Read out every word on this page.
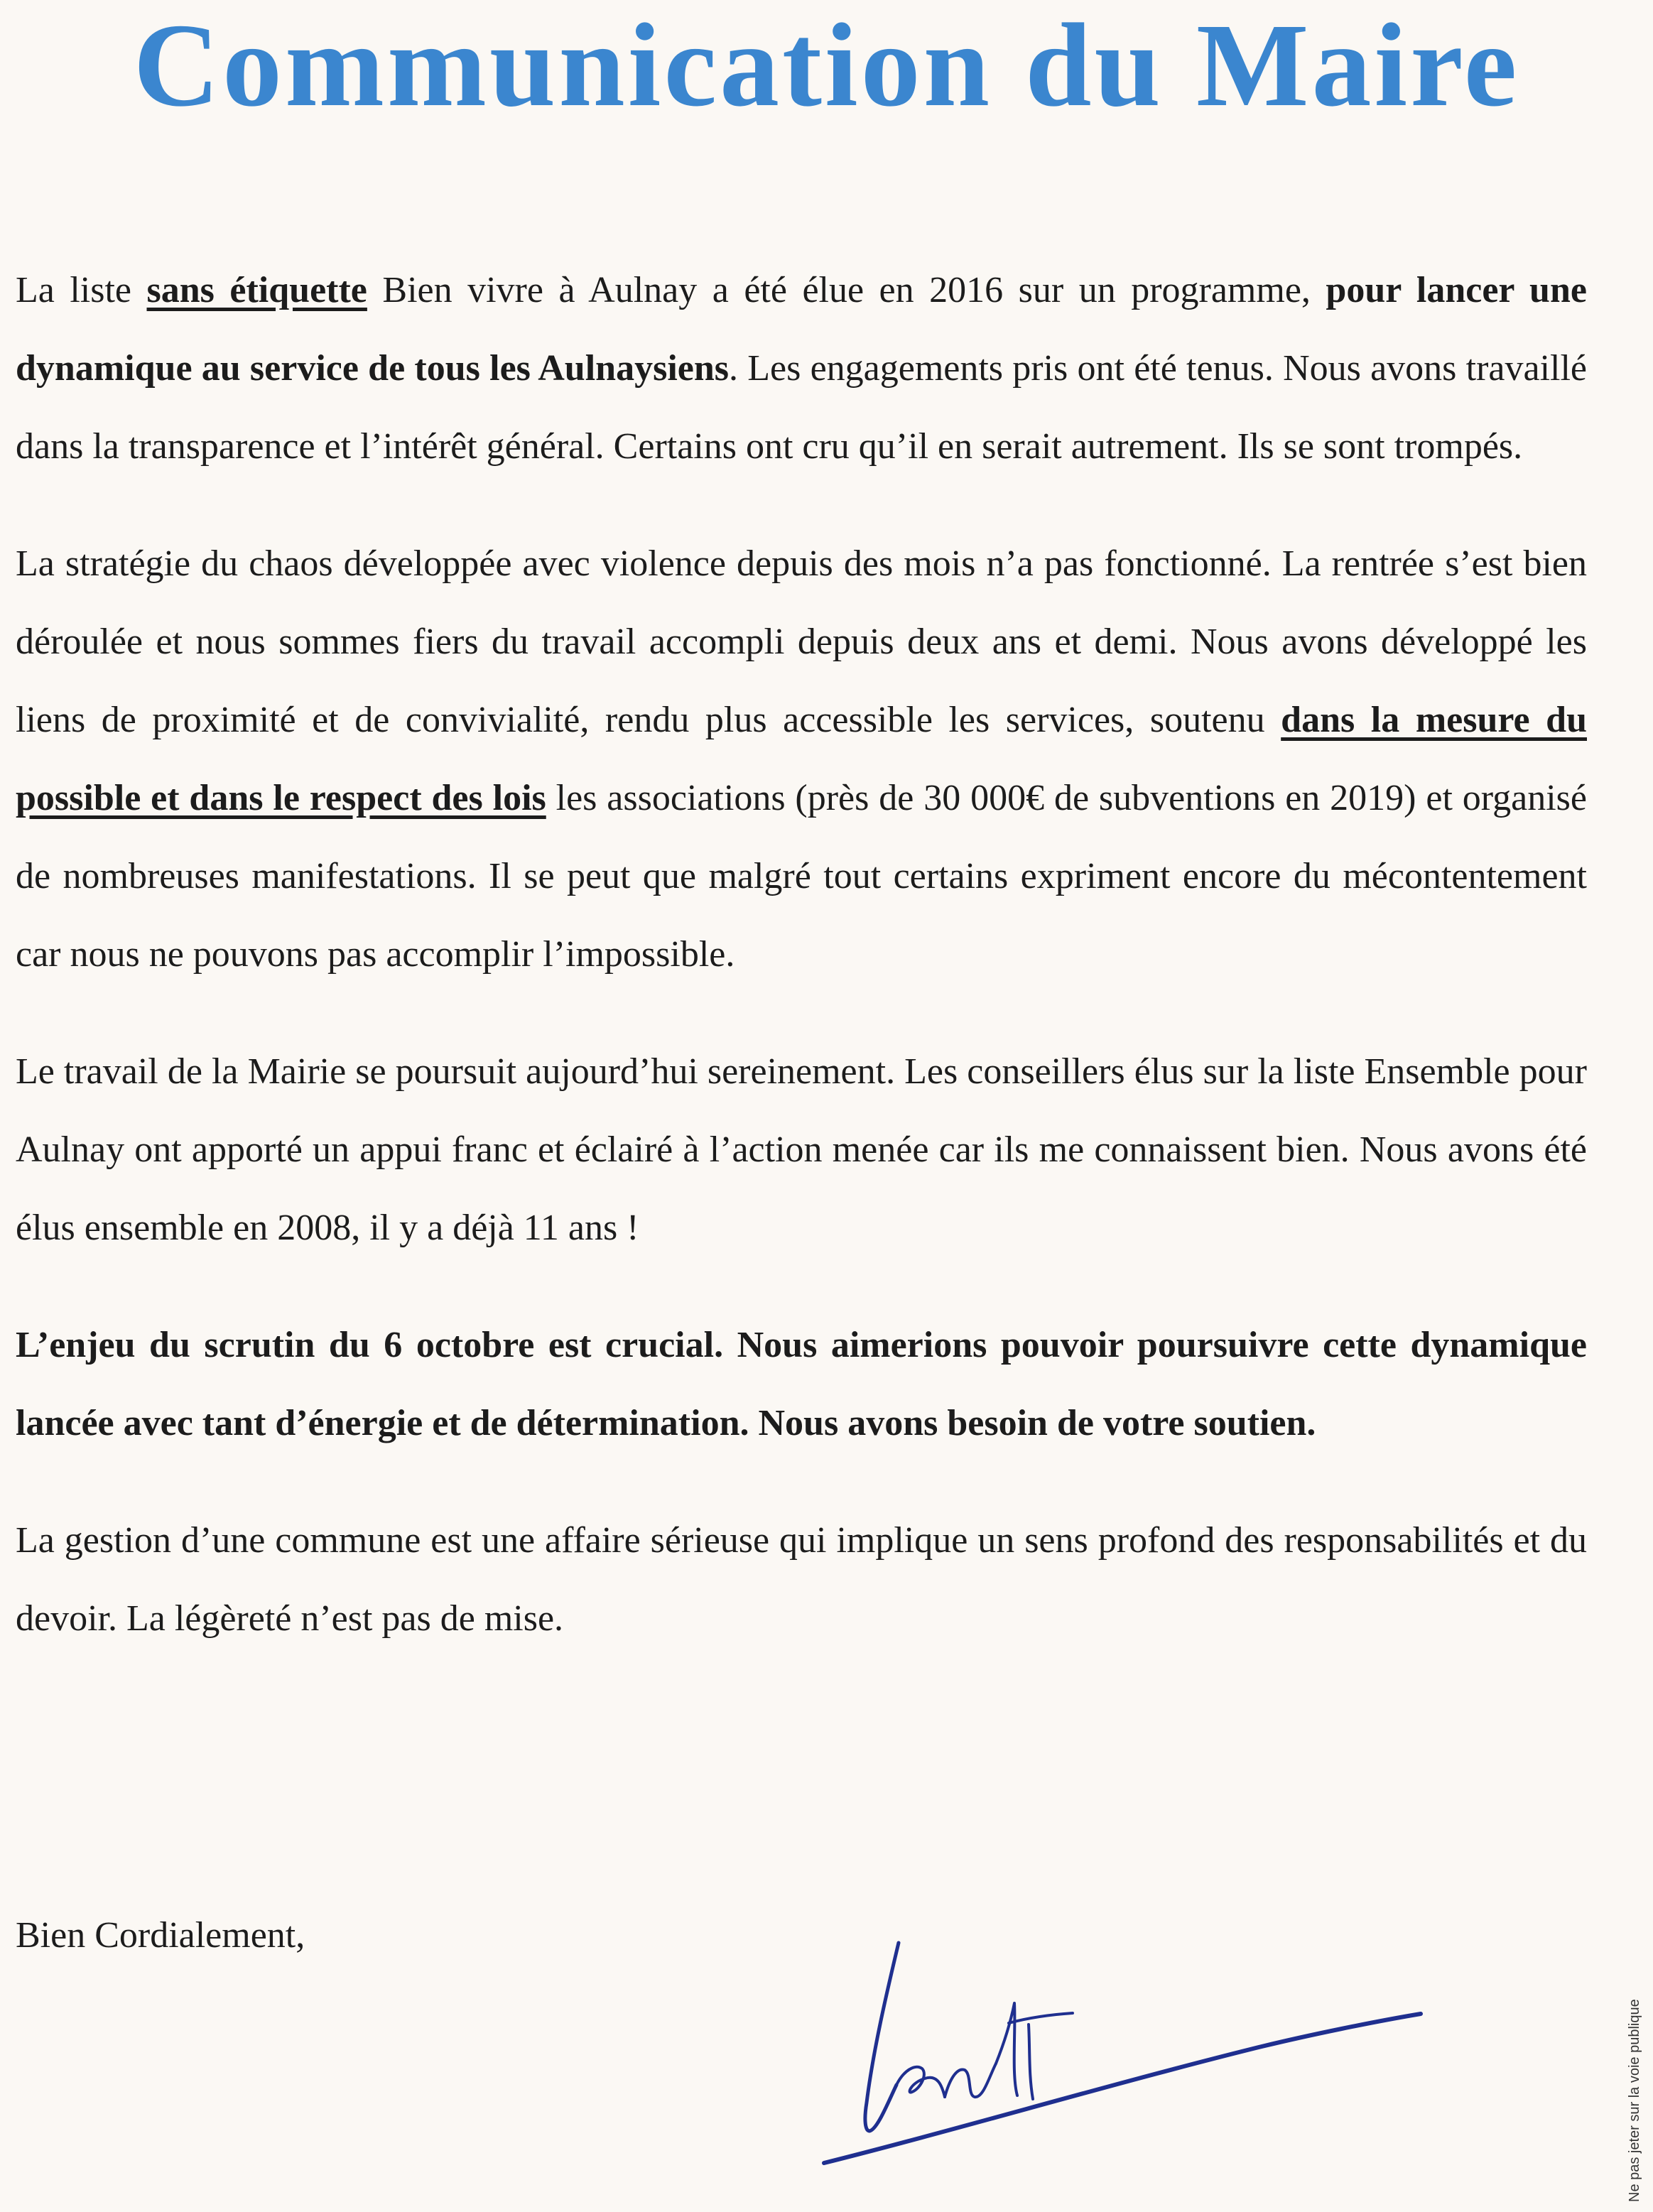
Communication du Maire

La liste sans étiquette Bien vivre à Aulnay a été élue en 2016 sur un programme, pour lancer une dynamique au service de tous les Aulnaysiens. Les engagements pris ont été tenus. Nous avons travaillé dans la transparence et l’intérêt général. Certains ont cru qu’il en serait autrement. Ils se sont trompés.

La stratégie du chaos développée avec violence depuis des mois n’a pas fonctionné. La rentrée s’est bien déroulée et nous sommes fiers du travail accompli depuis deux ans et demi. Nous avons développé les liens de proximité et de convivialité, rendu plus accessible les services, soutenu dans la mesure du possible et dans le respect des lois les associations (près de 30 000€ de subventions en 2019) et organisé de nombreuses manifestations. Il se peut que malgré tout certains expriment encore du mécontentement car nous ne pouvons pas accomplir l’impossible.

Le travail de la Mairie se poursuit aujourd’hui sereinement. Les conseillers élus sur la liste Ensemble pour Aulnay ont apporté un appui franc et éclairé à l’action menée car ils me connaissent bien. Nous avons été élus ensemble en 2008, il y a déjà 11 ans !

L’enjeu du scrutin du 6 octobre est crucial. Nous aimerions pouvoir poursuivre cette dynamique lancée avec tant d’énergie et de détermination. Nous avons besoin de votre soutien.

La gestion d’une commune est une affaire sérieuse qui implique un sens profond des responsabilités et du devoir. La légèreté n’est pas de mise.

Bien Cordialement,

Ne pas jeter sur la voie publique
